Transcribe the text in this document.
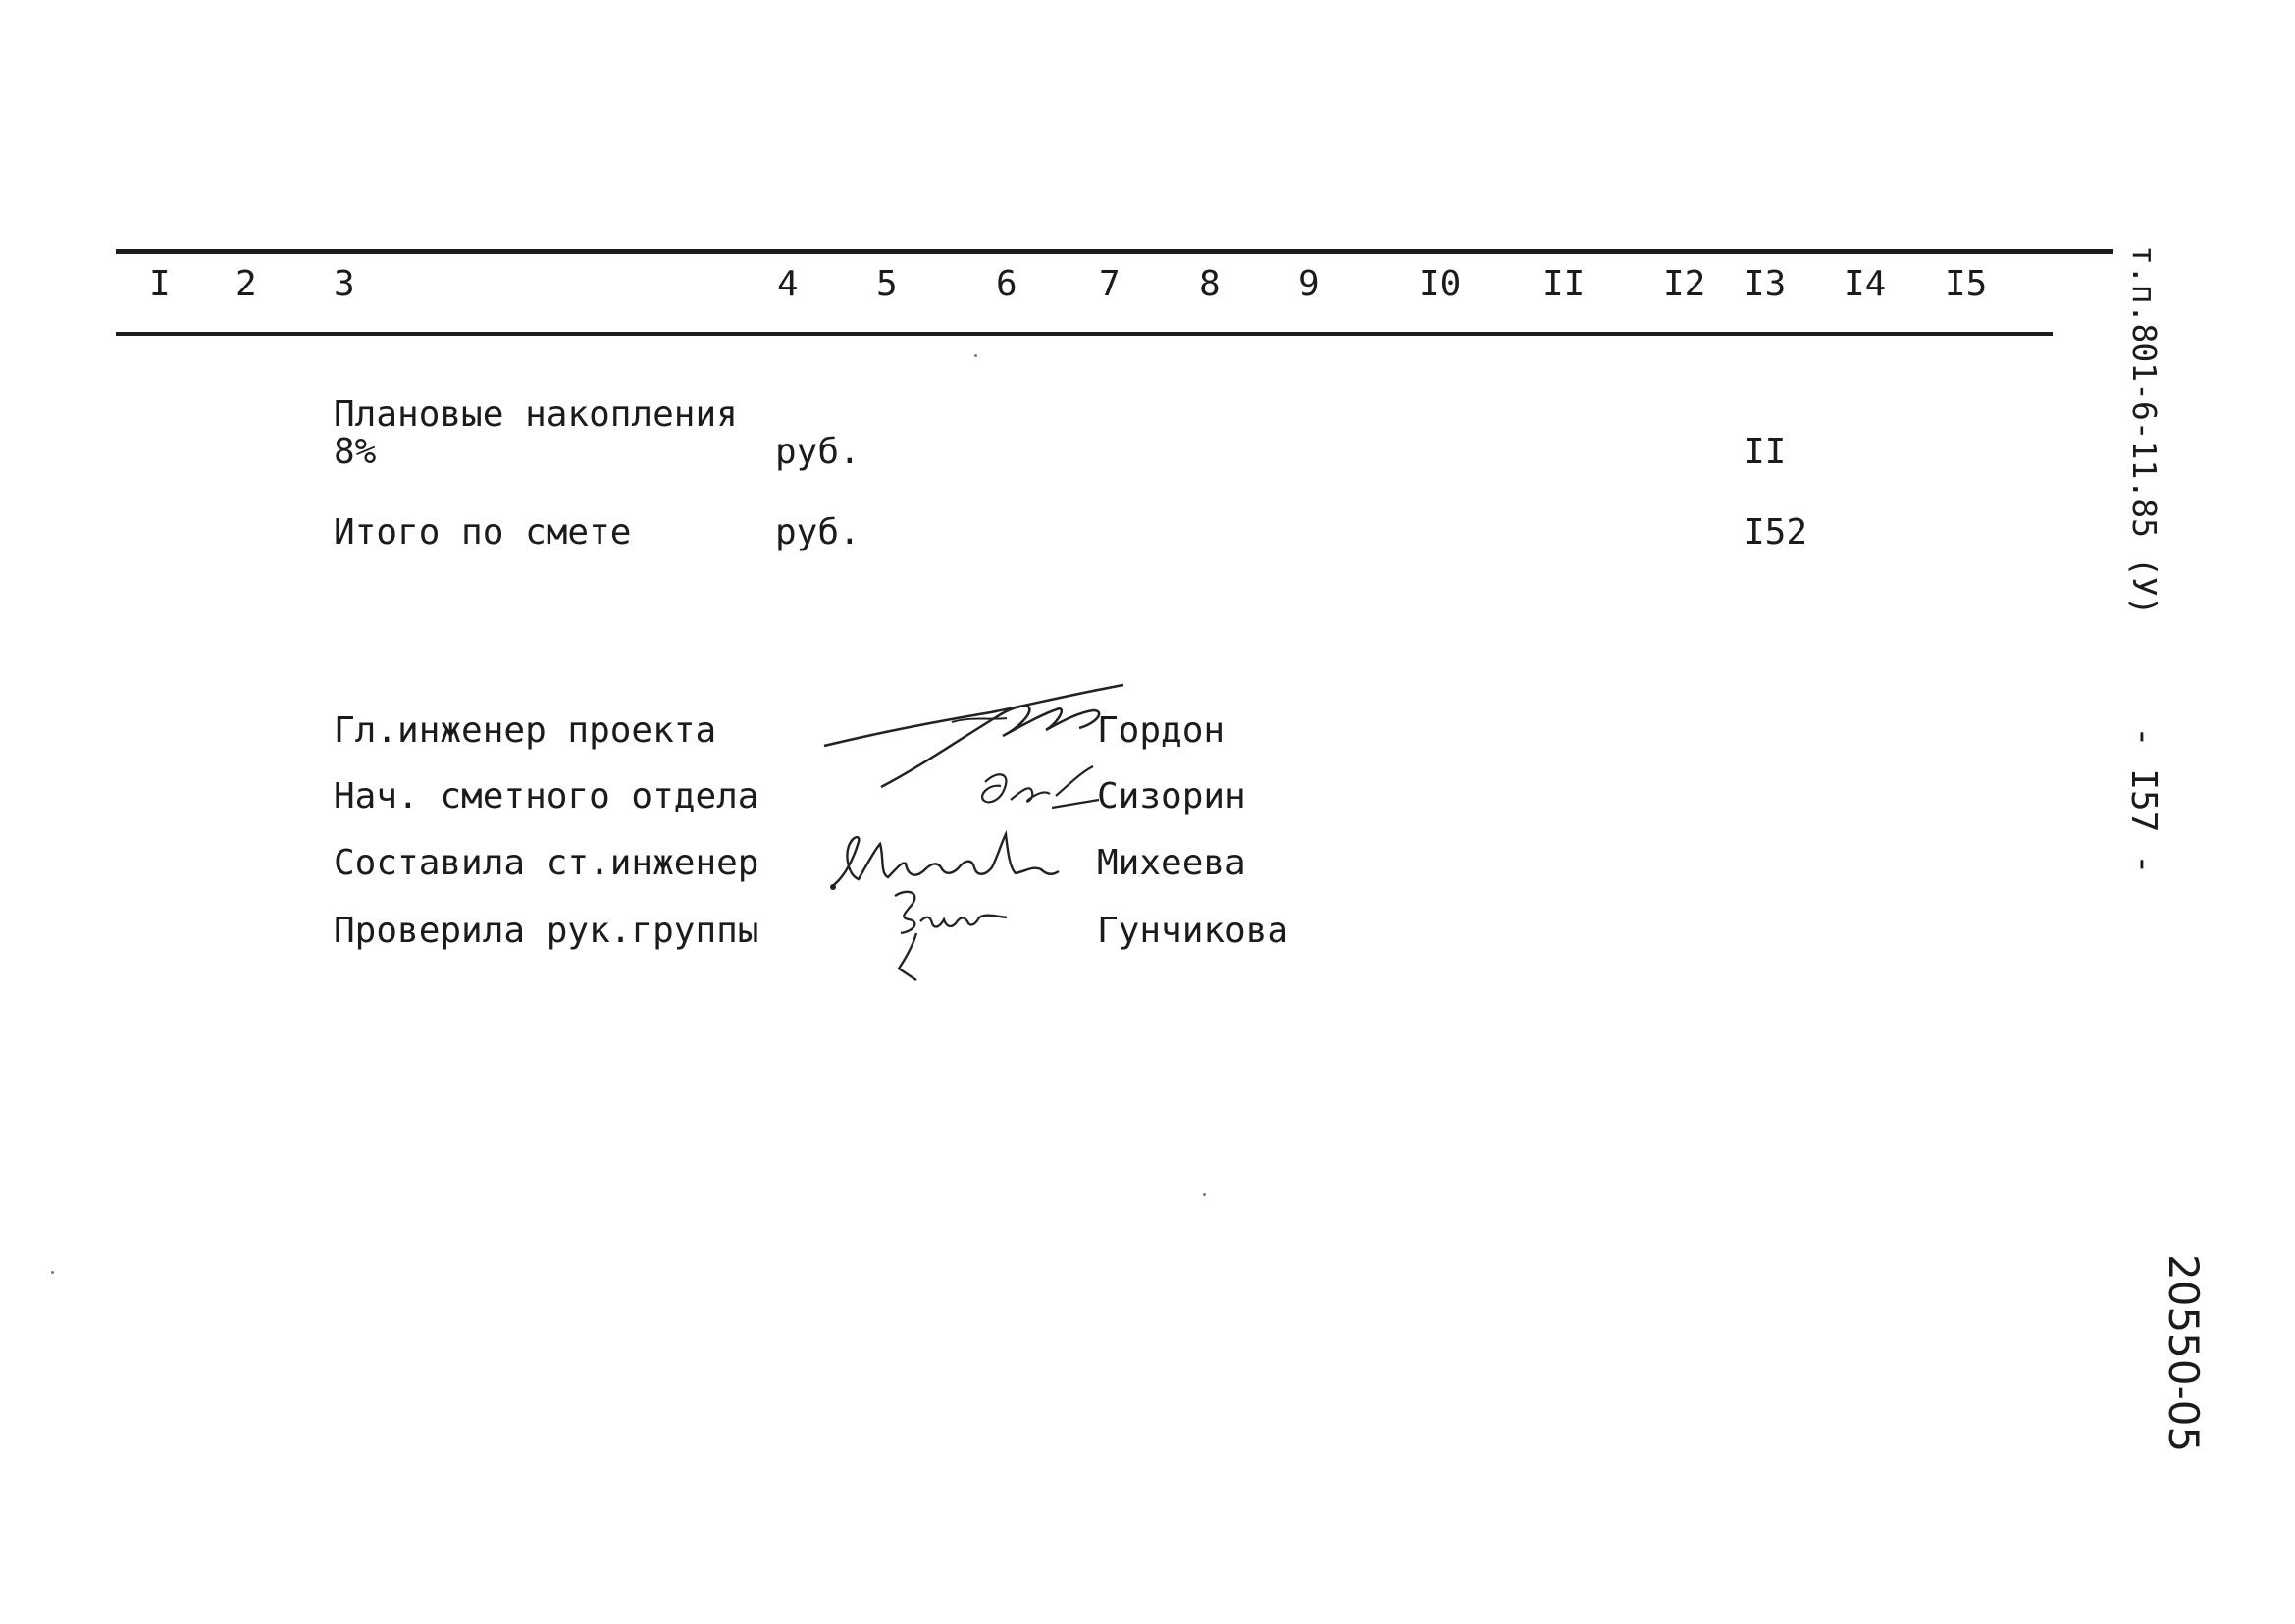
I 2 3	4 5	6 7 8 9	I0 II I2 I3 I4 I5
Плановые накопления
8%	руб.	II
Итого по смете	руб.	I52
Гл.инженер проекта	Гордон
Нач. сметного отдела	Сизорин
Составила ст.инженер	Михеева
Проверила рук.группы	Гунчикова
т.п.801-6-11.85 (У)
- I57 -
20550-05
